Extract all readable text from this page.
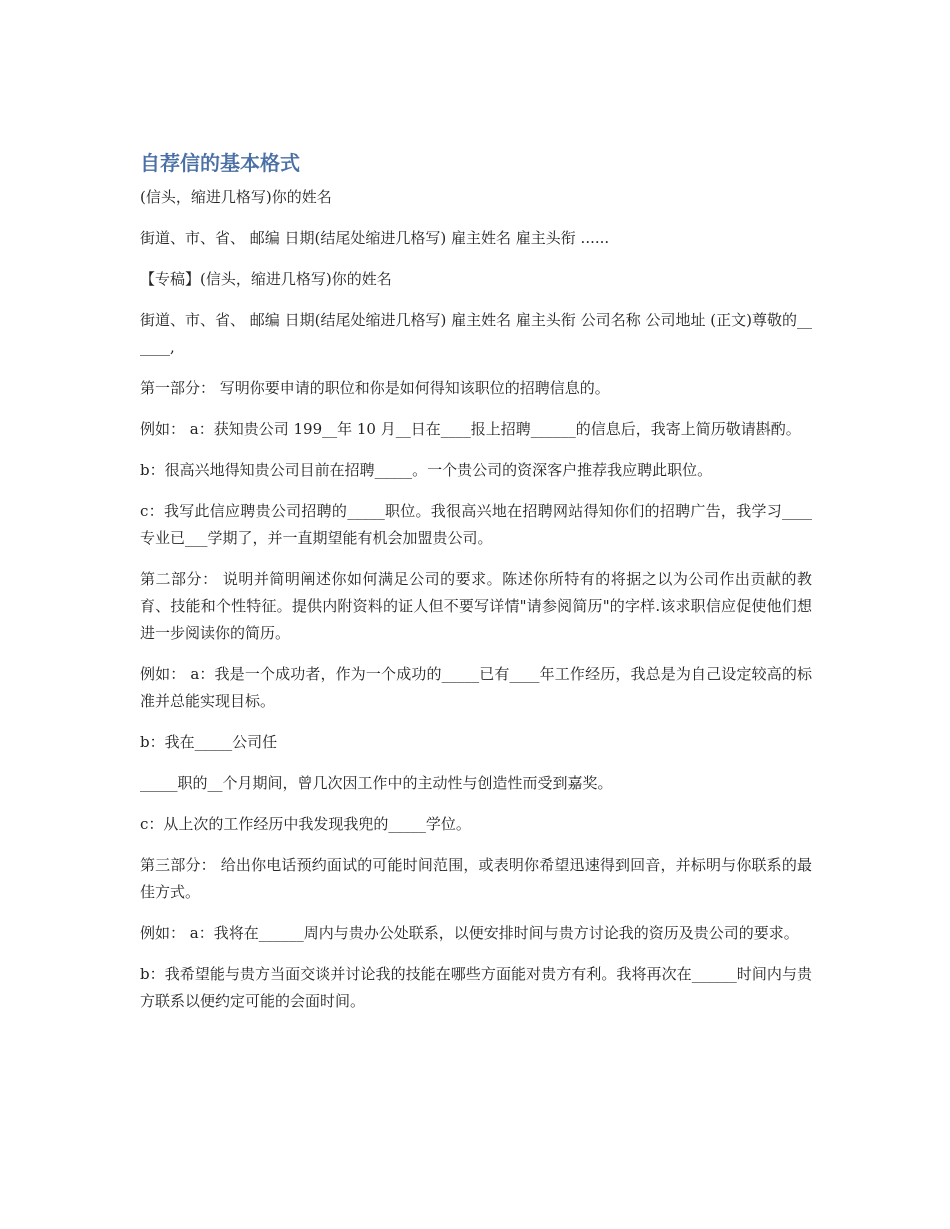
自荐信的基本格式

(信头，缩进几格写)你的姓名

街道、市、省、 邮编 日期(结尾处缩进几格写) 雇主姓名 雇主头衔 ......

【专稿】(信头，缩进几格写)你的姓名

街道、市、省、 邮编 日期(结尾处缩进几格写) 雇主姓名 雇主头衔 公司名称 公司地址 (正文)尊敬的______,

第一部分： 写明你要申请的职位和你是如何得知该职位的招聘信息的。

例如： a：获知贵公司 199__年 10 月__日在____报上招聘______的信息后，我寄上简历敬请斟酌。

b：很高兴地得知贵公司目前在招聘_____。一个贵公司的资深客户推荐我应聘此职位。

c：我写此信应聘贵公司招聘的_____职位。我很高兴地在招聘网站得知你们的招聘广告，我学习____专业已___学期了，并一直期望能有机会加盟贵公司。

第二部分： 说明并简明阐述你如何满足公司的要求。陈述你所特有的将据之以为公司作出贡献的教育、技能和个性特征。提供内附资料的证人但不要写详情"请参阅简历"的字样.该求职信应促使他们想进一步阅读你的简历。

例如： a：我是一个成功者，作为一个成功的_____已有____年工作经历，我总是为自己设定较高的标准并总能实现目标。

b：我在_____公司任

_____职的__个月期间，曾几次因工作中的主动性与创造性而受到嘉奖。

c：从上次的工作经历中我发现我兜的_____学位。

第三部分： 给出你电话预约面试的可能时间范围，或表明你希望迅速得到回音，并标明与你联系的最佳方式。

例如： a：我将在______周内与贵办公处联系，以便安排时间与贵方讨论我的资历及贵公司的要求。

b：我希望能与贵方当面交谈并讨论我的技能在哪些方面能对贵方有利。我将再次在______时间内与贵方联系以便约定可能的会面时间。
